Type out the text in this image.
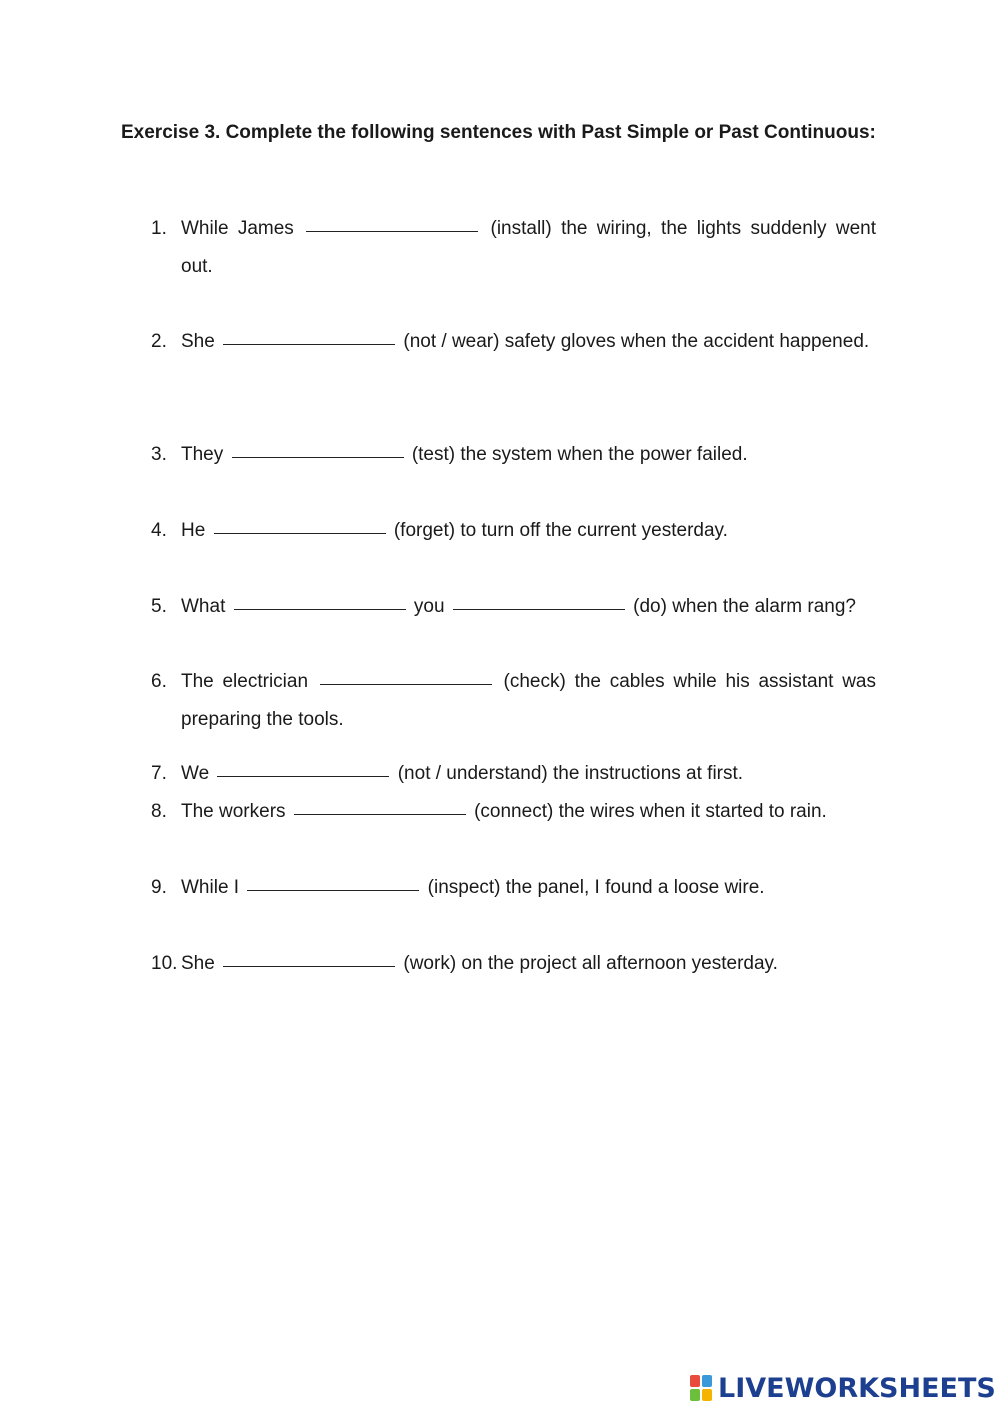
Exercise 3. Complete the following sentences with Past Simple or Past Continuous:
1. While James	(install) the wiring, the lights suddenly went out.
2. She	(not / wear) safety gloves when the accident happened.
3. They	(test) the system when the power failed.
4. He	(forget) to turn off the current yesterday.
5. What	you	(do) when the alarm rang?
6. The electrician	(check) the cables while his assistant was preparing the tools.
7. We	(not / understand) the instructions at first.
8. The workers	(connect) the wires when it started to rain.
9. While I	(inspect) the panel, I found a loose wire.
10. She	(work) on the project all afternoon yesterday.
LIVEWORKSHEETS
